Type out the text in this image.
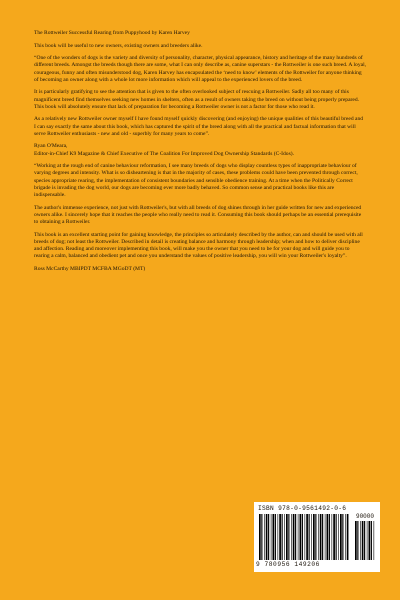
The Rottweiler Successful Rearing from Puppyhood by Karen Harvey

This book will be useful to new owners, existing owners and breeders alike.

“One of the wonders of dogs is the variety and diversity of personality, character, physical appearance, history and heritage of the many hundreds of different breeds. Amongst the breeds though there are some, what I can only describe as, canine superstars - the Rottweiler is one such breed. A loyal, courageous, funny and often misunderstood dog, Karen Harvey has encapsulated the ‘need to know’ elements of the Rottweiler for anyone thinking of becoming an owner along with a whole lot more information which will appeal to the experienced lovers of the breed.

It is particularly gratifying to see the attention that is given to the often overlooked subject of rescuing a Rottweiler. Sadly all too many of this magnificent breed find themselves seeking new homes in shelters, often as a result of owners taking the breed on without being properly prepared. This book will absolutely ensure that lack of preparation for becoming a Rottweiler owner is not a factor for those who read it.

As a relatively new Rottweiler owner myself I have found myself quickly discovering (and enjoying) the unique qualities of this beautiful breed and I can say exactly the same about this book, which has captured the spirit of the breed along with all the practical and factual information that will serve Rottweiler enthusiasts - new and old - superbly for many years to come”.

Ryan O'Meara,
Editor-in-Chief K9 Magazine & Chief Executive of The Coalition For Improved Dog Ownership Standards (C-Idos).

“Working at the rough end of canine behaviour reformation, I see many breeds of dogs who display countless types of inappropriate behaviour of varying degrees and intensity. What is so disheartening is that in the majority of cases, these problems could have been prevented through correct, species appropriate rearing, the implementation of consistent boundaries and sensible obedience training. At a time when the Politically Correct brigade is invading the dog world, our dogs are becoming ever more badly behaved. So common sense and practical books like this are indispensable.

The author's immense experience, not just with Rottweiler's, but with all breeds of dog shines through in her guide written for new and experienced owners alike. I sincerely hope that it reaches the people who really need to read it. Consuming this book should perhaps be an essential prerequisite to obtaining a Rottweiler.

This book is an excellent starting point for gaining knowledge, the principles so articulately described by the author, can and should be used with all breeds of dog; not least the Rottweiler. Described in detail is creating balance and harmony through leadership; when and how to deliver discipline and affection. Reading and moreover implementing this book, will make you the owner that you need to be for your dog and will guide you to rearing a calm, balanced and obedient pet and once you understand the values of positive leadership, you will win your Rottweiler's loyalty”.

Ross McCarthy MBIPDT MCFBA MGoDT (MT)

ISBN 978-0-9561492-0-6
90000
9 780956 149206
